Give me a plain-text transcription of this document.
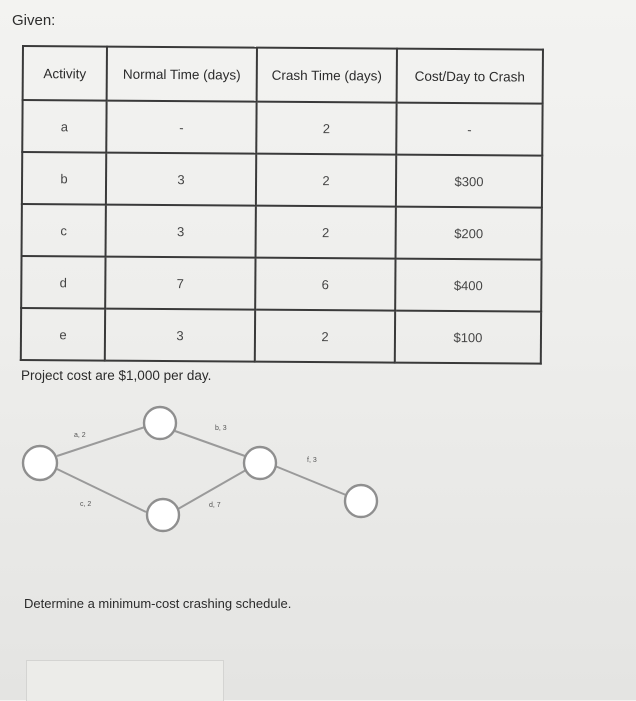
Given:
Activity	Normal Time (days)	Crash Time (days)	Cost/Day to Crash
a	-	2	-
b	3	2	$300
c	3	2	$200
d	7	6	$400
e	3	2	$100
Project cost are $1,000 per day.
a, 2
b, 3
c, 2	d, 7
f, 3
Determine a minimum-cost crashing schedule.
